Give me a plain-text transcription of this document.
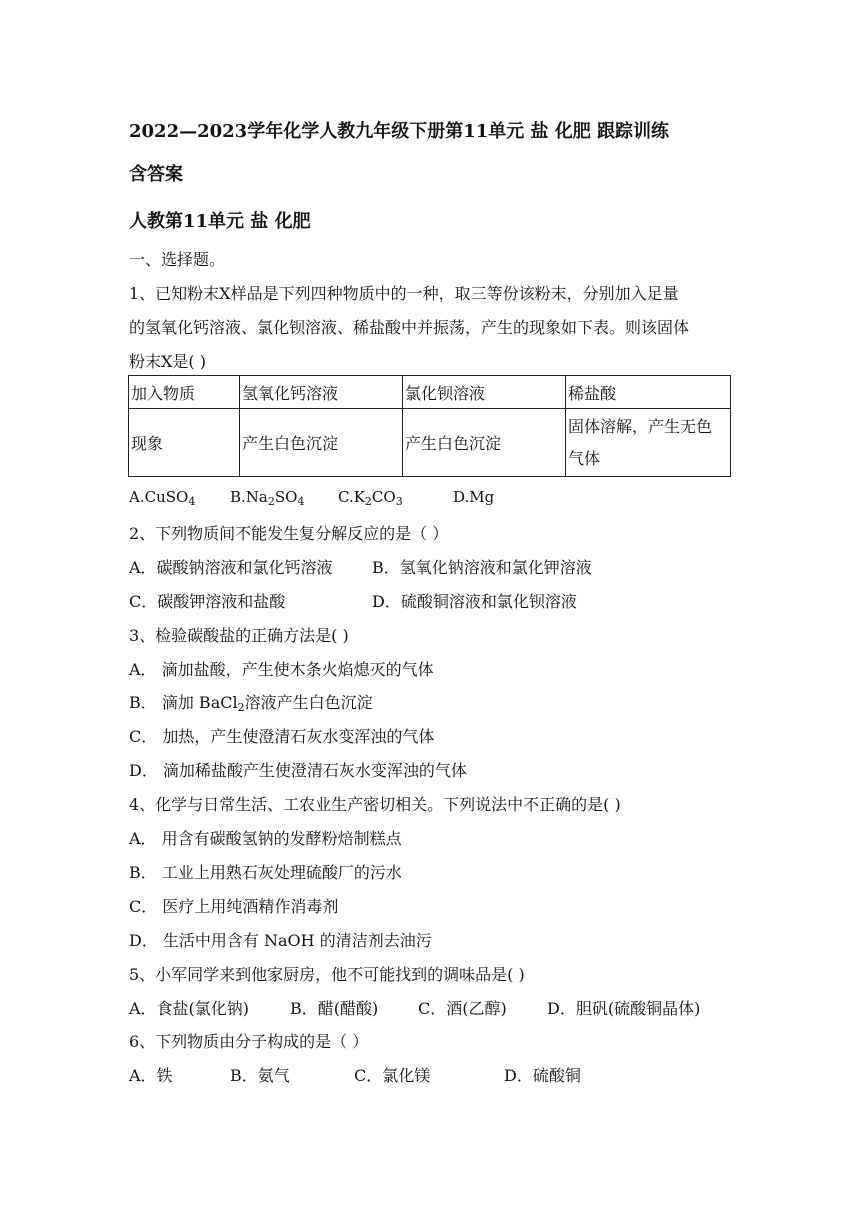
2022—2023学年化学人教九年级下册第11单元 盐 化肥 跟踪训练
含答案
人教第11单元 盐 化肥
一、选择题。
1、已知粉末X样品是下列四种物质中的一种，取三等份该粉末，分别加入足量
的氢氧化钙溶液、氯化钡溶液、稀盐酸中并振荡，产生的现象如下表。则该固体
粉末X是( )
加入物质	氢氧化钙溶液	氯化钡溶液	稀盐酸
现象	产生白色沉淀	产生白色沉淀	固体溶解，产生无色
气体
A.CuSO$_4$ $B.Na_2SO_4$ $C.K_2CO_3$	D.Mg
2、下列物质间不能发生复分解反应的是（ ）
A．碳酸钠溶液和氯化钙溶液 B．氢氧化钠溶液和氯化钾溶液
C．碳酸钾溶液和盐酸	D．硫酸铜溶液和氯化钡溶液
3、检验碳酸盐的正确方法是( )
A． 滴加盐酸，产生使木条火焰熄灭的气体
B． 滴加 BaCl$_2$溶液产生白色沉淀
C． 加热，产生使澄清石灰水变浑浊的气体
D． 滴加稀盐酸产生使澄清石灰水变浑浊的气体
4、化学与日常生活、工农业生产密切相关。下列说法中不正确的是( )
A． 用含有碳酸氢钠的发酵粉焙制糕点
B． 工业上用熟石灰处理硫酸厂的污水
C． 医疗上用纯酒精作消毒剂
D． 生活中用含有 NaOH 的清洁剂去油污
5、小军同学来到他家厨房，他不可能找到的调味品是( )
A．食盐(氯化钠)	B．醋(醋酸) C．酒(乙醇)	D．胆矾(硫酸铜晶体)
6、下列物质由分子构成的是（ ）
A．铁	B．氨气	C．氯化镁	D．硫酸铜
